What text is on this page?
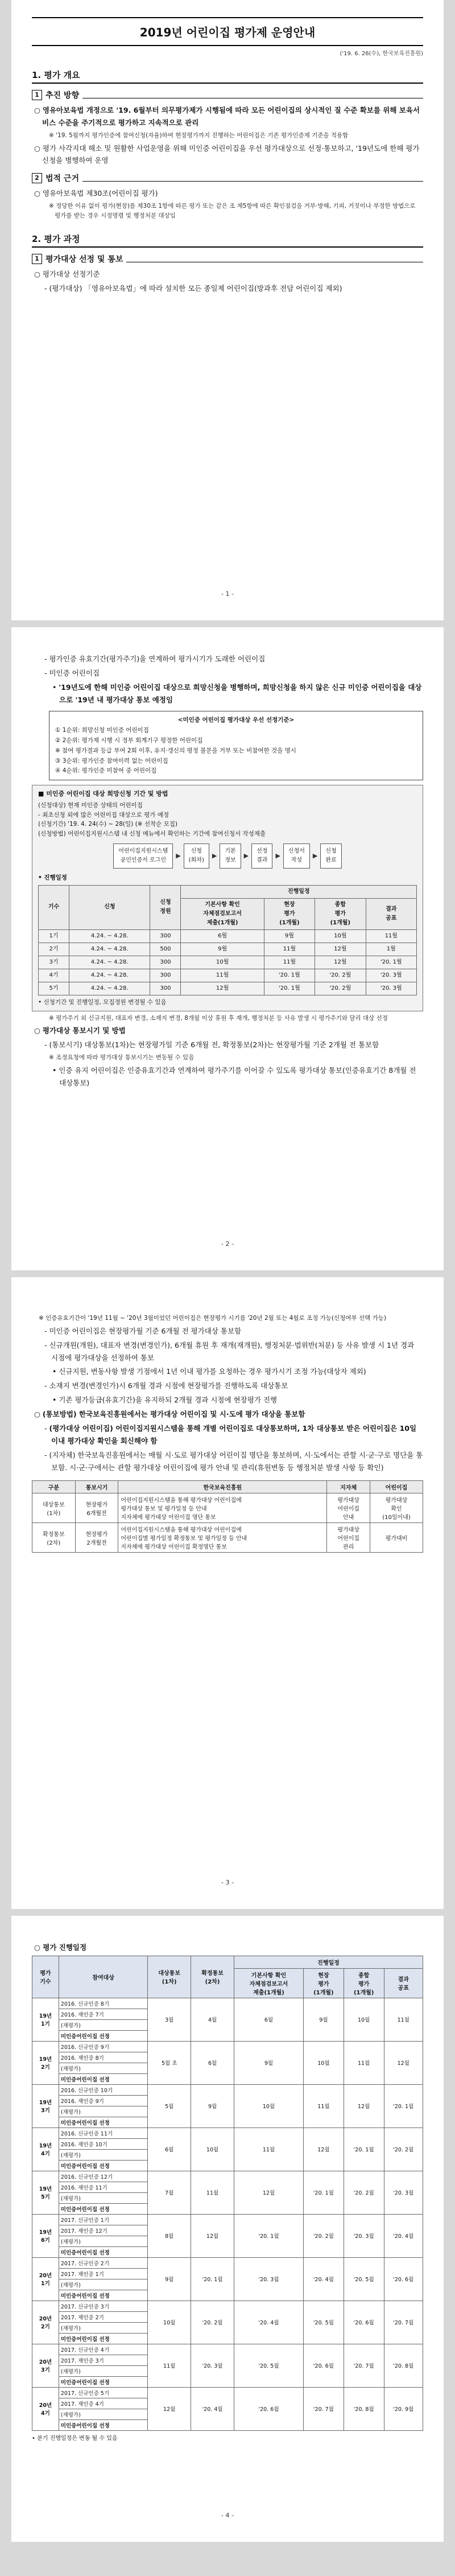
2019년 어린이집 평가제 운영안내
('19. 6. 26(수), 한국보육진흥원)
1. 평가 개요
1 추진 방향

○ 영유아보육법 개정으로 '19. 6월부터 의무평가제가 시행됨에 따라 모든 어린이집의 상시적인 질 수준 확보를 위해 보육서비스 수준을 주기적으로 평가하고 지속적으로 관리

※ '19. 5월까지 평가인증에 참여신청(자율)하여 현장평가까지 진행하는 어린이집은 기존 평가인증제 기준을 적용함

○ 평가 사각지대 해소 및 원활한 사업운영을 위해 미인증 어린이집을 우선 평가대상으로 선정·통보하고, '19년도에 한해 평가 신청을 병행하여 운영

2 법적 근거

○ 영유아보육법 제30조(어린이집 평가)

※ 정당한 이유 없이 평가(현장)를 제30조 1항에 따른 평가 또는 같은 조 제5항에 따른 확인점검을 거부·방해, 기피, 거짓이나 부정한 방법으로 평가를 받는 경우 시정명령 및 행정처분 대상임

2. 평가 과정
1 평가대상 선정 및 통보

○ 평가대상 선정기준

- (평가대상) 「영유아보육법」에 따라 설치한 모든 종일제 어린이집(방과후 전담 어린이집 제외)

- 1 -

- 평가인증 유효기간(평가주기)을 연계하여 평가시기가 도래한 어린이집

- 미인증 어린이집

• '19년도에 한해 미인증 어린이집 대상으로 희망신청을 병행하며, 희망신청을 하지 않은 신규 미인증 어린이집을 대상으로 '19년 내 평가대상 통보 예정임

<미인증 어린이집 평가대상 우선 선정기준>
① 1순위: 희망신청 미인증 어린이집
② 2순위: 평가제 시행 시 정부 회계기구 평정한 어린이집
※ 참여 평가결과 등급 부여 2회 이후, 유지·갱신의 평정 불문을 거부 또는 비참여한 것을 명시
③ 3순위: 평가인증 참여이력 없는 어린이집
④ 4순위: 평가인증 미참여 중 어린이집
■ 미인증 어린이집 대상 희망신청 기간 및 방법
(신청대상) 현재 미인증 상태의 어린이집
- 최초신청 외에 많은 어린이집 대상으로 평가 예정
(신청기간) '19. 4. 24(수) ~ 28(일) (※ 선착순 모집)
(신청방법) 어린이집지원시스템 내 신청 메뉴에서 확인하는 기간에 참여신청서 작성제출
어린이집지원시스템
공인인증서 로그인
▶
신청
(회차)
▶
기본
정보
▶
선정
결과
▶
신청서
작성
▶
신청
완료
• 진행일정
기수	신청	신청
정원	진행일정			
			기본사항 확인
자체점검보고서
제출(1개월)	현장
평가
(1개월)	종합
평가
(1개월)	결과
공표
1기	4.24. ~ 4.28.	300	6월	9월	10월	11월
2기	4.24. ~ 4.28.	500	9월	11월	12월	1월
3기	4.24. ~ 4.28.	300	10월	11월	12월	'20. 1월
4기	4.24. ~ 4.28.	300	11월	'20. 1월	'20. 2월	'20. 3월
5기	4.24. ~ 4.28.	300	12월	'20. 1월	'20. 2월	'20. 3월
• 신청기간 및 진행일정, 모집정원 변경될 수 있음

※ 평가주기 외 신규지원, 대표자 변경, 소재지 변경, 8개월 이상 휴원 후 재개, 행정처분 등 사유 발생 시 평가주기와 달리 대상 선정

○ 평가대상 통보시기 및 방법

- (통보시기) 대상통보(1차)는 현장평가일 기준 6개월 전, 확정통보(2차)는 현장평가월 기준 2개월 전 통보함

※ 조정요청에 따라 평가대상 통보시기는 변동될 수 있음

• 인증 유지 어린이집은 인증유효기간과 연계하여 평가주기를 이어갈 수 있도록 평가대상 통보(인증유효기간 8개월 전 대상통보)

- 2 -

※ 인증유효기간이 '19년 11월 ~ '20년 3월이었던 어린이집은 현장평가 시기를 '20년 2월 또는 4월로 조정 가능(신청여부 선택 가능)

- 미인증 어린이집은 현장평가월 기준 6개월 전 평가대상 통보함

- 신규개원(개원), 대표자 변경(변경인가), 6개월 휴원 후 재개(재개원), 행정처분·법위반(처분) 등 사유 발생 시 1년 경과 시점에 평가대상을 선정하여 통보

• 신규지원, 변동사항 발생 기점에서 1년 이내 평가를 요청하는 경우 평가시기 조정 가능(대상자 제외)

- 소재지 변경(변경인가)시 6개월 경과 시점에 현장평가를 진행하도록 대상통보

• 기존 평가등급(유효기간)을 유지하되 2개월 경과 시점에 현장평가 진행

○ (통보방법) 한국보육진흥원에서는 평가대상 어린이집 및 시·도에 평가 대상을 통보함

- (평가대상 어린이집) 어린이집지원시스템을 통해 개별 어린이집로 대상통보하며, 1차 대상통보 받은 어린이집은 10일 이내 평가대상 확인을 회신해야 함

- (지자체) 한국보육진흥원에서는 매월 시·도로 평가대상 어린이집 명단을 통보하며, 시·도에서는 관할 시·군·구로 명단을 통보함. 시·군·구에서는 관할 평가대상 어린이집에 평가 안내 및 관리(휴원변동 등 행정처분 발생 사항 등 확인)

구분	통보시기	한국보육진흥원	지자체	어린이집
대상통보
(1차)	현장평가
6개월전	어린이집지원시스템을 통해 평가대상 어린이집에
평가대상 통보 및 평가일정 등 안내
지자체에 평가대상 어린이집 명단 통보	평가대상
어린이집
안내	평가대상
확인
(10일이내)
확정통보
(2차)	현장평가
2개월전	어린이집지원시스템을 통해 평가대상 어린이집에
어린이집별 평가일정 확정통보 및 평가일정 등 안내
지자체에 평가대상 어린이집 확정명단 통보	평가대상
어린이집
관리	평가대비
- 3 -

○ 평가 진행일정

평가
기수	참여대상	대상통보
(1차)	확정통보
(2차)	진행일정			
				기본사항 확인
자체점검보고서
제출(1개월)	현장
평가
(1개월)	종합
평가
(1개월)	결과
공표
19년
1기	2016. 신규인증 8기	3월	4월	6월	9월	10월	11월
	2016. 재인증 7기						
	(재평가)						
	미인증어린이집 선정						
19년
2기	2016. 신규인증 9기	5월 초	6월	9월	10월	11월	12월
	2016. 재인증 8기						
	(재평가)						
	미인증어린이집 선정						
19년
3기	2016. 신규인증 10기	5월	9월	10월	11월	12월	'20. 1월
	2016. 재인증 9기						
	(재평가)						
	미인증어린이집 선정						
19년
4기	2016. 신규인증 11기	6월	10월	11월	12월	'20. 1월	'20. 2월
	2016. 재인증 10기						
	(재평가)						
	미인증어린이집 선정						
19년
5기	2016. 신규인증 12기	7월	11월	12월	'20. 1월	'20. 2월	'20. 3월
	2016. 재인증 11기						
	(재평가)						
	미인증어린이집 선정						
19년
6기	2017. 신규인증 1기	8월	12월	'20. 1월	'20. 2월	'20. 3월	'20. 4월
	2017. 재인증 12기						
	(재평가)						
	미인증어린이집 선정						
20년
1기	2017. 신규인증 2기	9월	'20. 1월	'20. 3월	'20. 4월	'20. 5월	'20. 6월
	2017. 재인증 1기						
	(재평가)						
	미인증어린이집 선정						
20년
2기	2017. 신규인증 3기	10월	'20. 2월	'20. 4월	'20. 5월	'20. 6월	'20. 7월
	2017. 재인증 2기						
	(재평가)						
	미인증어린이집 선정						
20년
3기	2017. 신규인증 4기	11월	'20. 3월	'20. 5월	'20. 6월	'20. 7월	'20. 8월
	2017. 재인증 3기						
	(재평가)						
	미인증어린이집 선정						
20년
4기	2017. 신규인증 5기	12월	'20. 4월	'20. 6월	'20. 7월	'20. 8월	'20. 9월
	2017. 재인증 4기						
	(재평가)						
	미인증어린이집 선정						
• 분기 진행일정은 변동 될 수 있음
- 4 -
